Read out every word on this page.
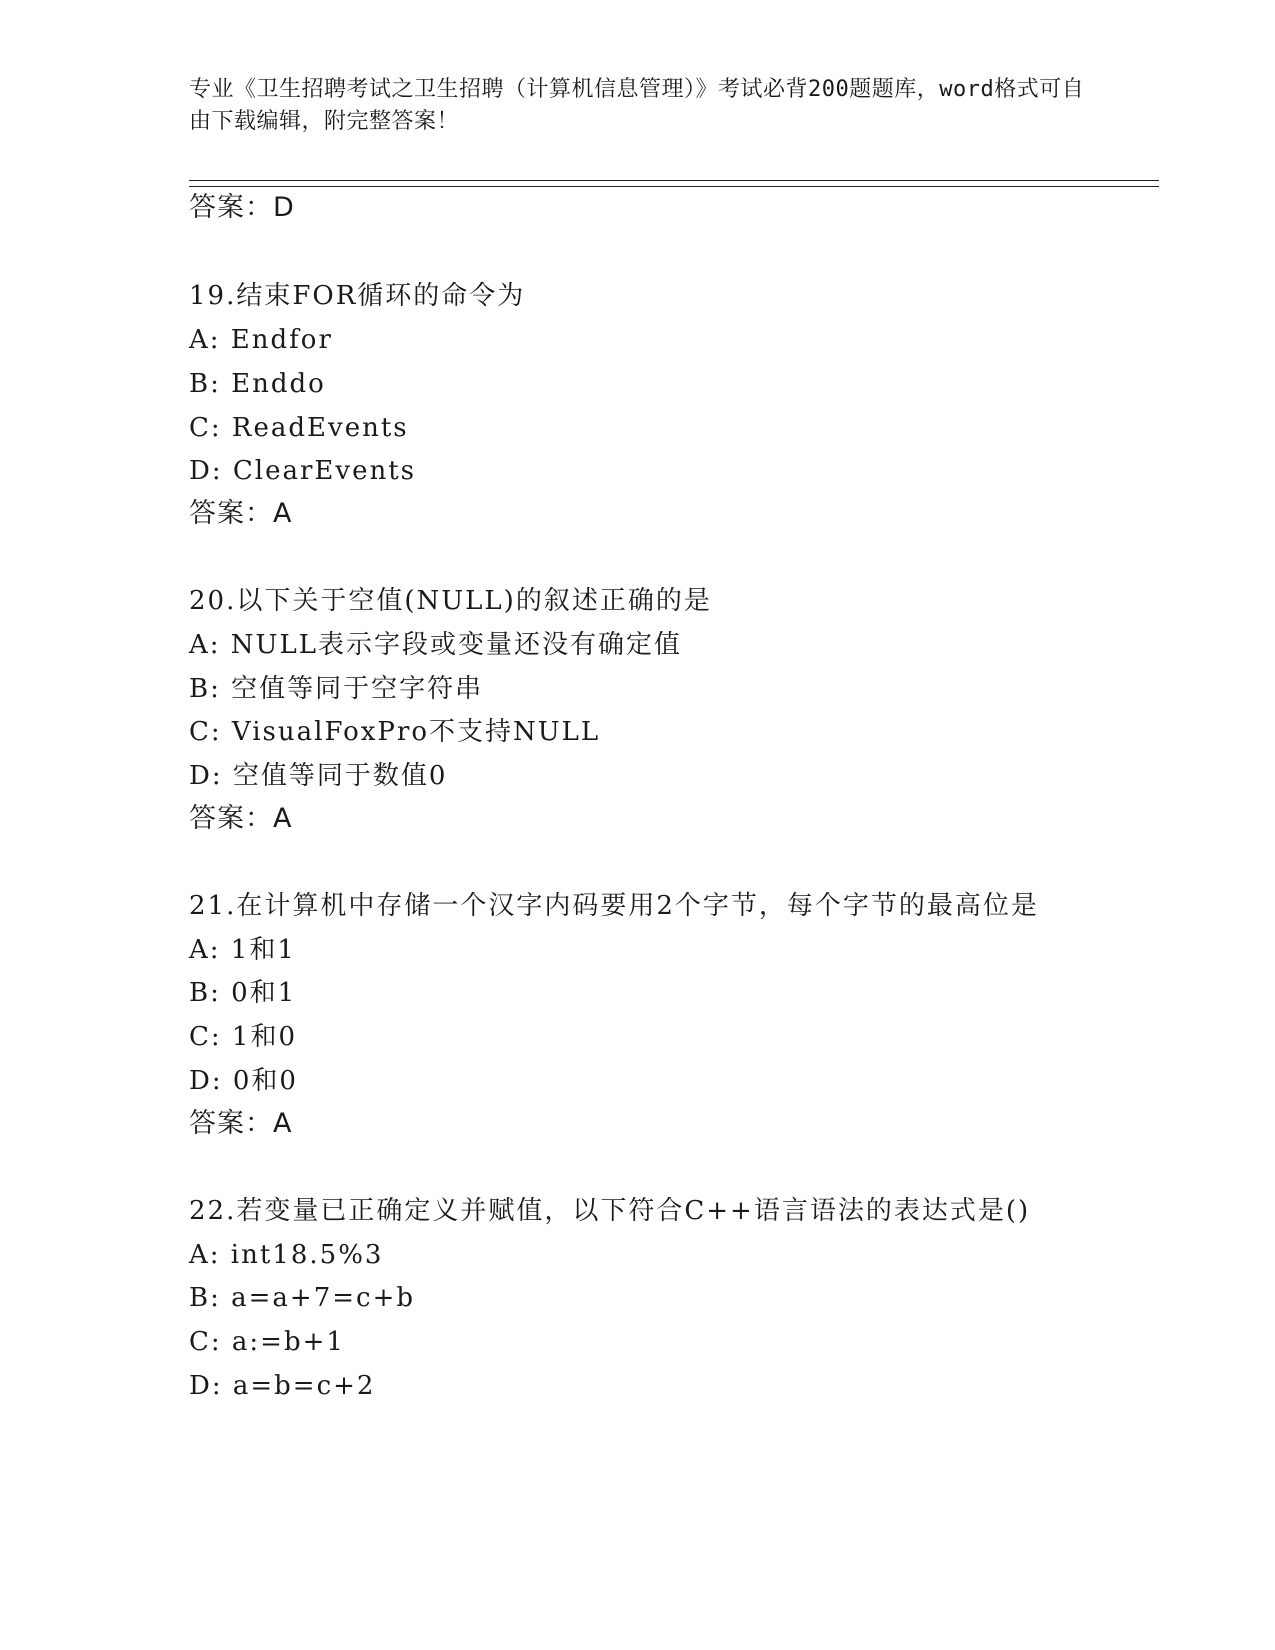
专业《卫生招聘考试之卫生招聘（计算机信息管理）》考试必背200题题库，word格式可自由下载编辑，附完整答案！
答案：D
19.结束FOR循环的命令为
A: Endfor
B: Enddo
C: ReadEvents
D: ClearEvents
答案：A
20.以下关于空值(NULL)的叙述正确的是
A: NULL表示字段或变量还没有确定值
B: 空值等同于空字符串
C: VisualFoxPro不支持NULL
D: 空值等同于数值0
答案：A
21.在计算机中存储一个汉字内码要用2个字节，每个字节的最高位是
A: 1和1
B: 0和1
C: 1和0
D: 0和0
答案：A
22.若变量已正确定义并赋值，以下符合C++语言语法的表达式是()
A: int18.5%3
B: a=a+7=c+b
C: a:=b+1
D: a=b=c+2
